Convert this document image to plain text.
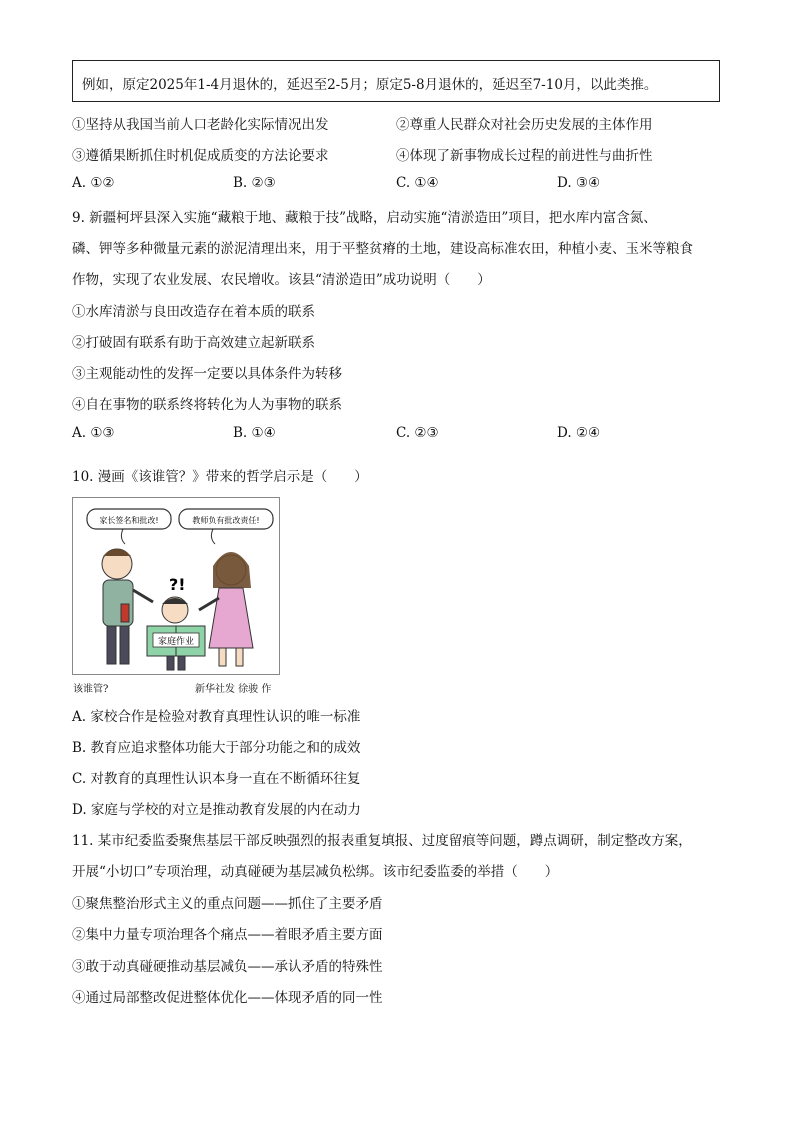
例如，原定2025年1-4月退休的，延迟至2-5月；原定5-8月退休的，延迟至7-10月，以此类推。
①坚持从我国当前人口老龄化实际情况出发	②尊重人民群众对社会历史发展的主体作用
③遵循果断抓住时机促成质变的方法论要求	④体现了新事物成长过程的前进性与曲折性
A. ①②	B. ②③	C. ①④	D. ③④
9. 新疆柯坪县深入实施“藏粮于地、藏粮于技”战略，启动实施“清淤造田”项目，把水库内富含氮、
磷、钾等多种微量元素的淤泥清理出来，用于平整贫瘠的土地，建设高标准农田，种植小麦、玉米等粮食
作物，实现了农业发展、农民增收。该县“清淤造田”成功说明（　　）
①水库清淤与良田改造存在着本质的联系
②打破固有联系有助于高效建立起新联系
③主观能动性的发挥一定要以具体条件为转移
④自在事物的联系终将转化为人为事物的联系
A. ①③	B. ①④	C. ②③	D. ②④
10. 漫画《该谁管？》带来的哲学启示是（　　）
家长签名和批改!	教师负有批改责任!
?!
家庭作业
该谁管?	新华社发 徐骏 作
A. 家校合作是检验对教育真理性认识的唯一标准
B. 教育应追求整体功能大于部分功能之和的成效
C. 对教育的真理性认识本身一直在不断循环往复
D. 家庭与学校的对立是推动教育发展的内在动力
11. 某市纪委监委聚焦基层干部反映强烈的报表重复填报、过度留痕等问题，蹲点调研，制定整改方案，
开展“小切口”专项治理，动真碰硬为基层减负松绑。该市纪委监委的举措（　　）
①聚焦整治形式主义的重点问题——抓住了主要矛盾
②集中力量专项治理各个痛点——着眼矛盾主要方面
③敢于动真碰硬推动基层减负——承认矛盾的特殊性
④通过局部整改促进整体优化——体现矛盾的同一性
